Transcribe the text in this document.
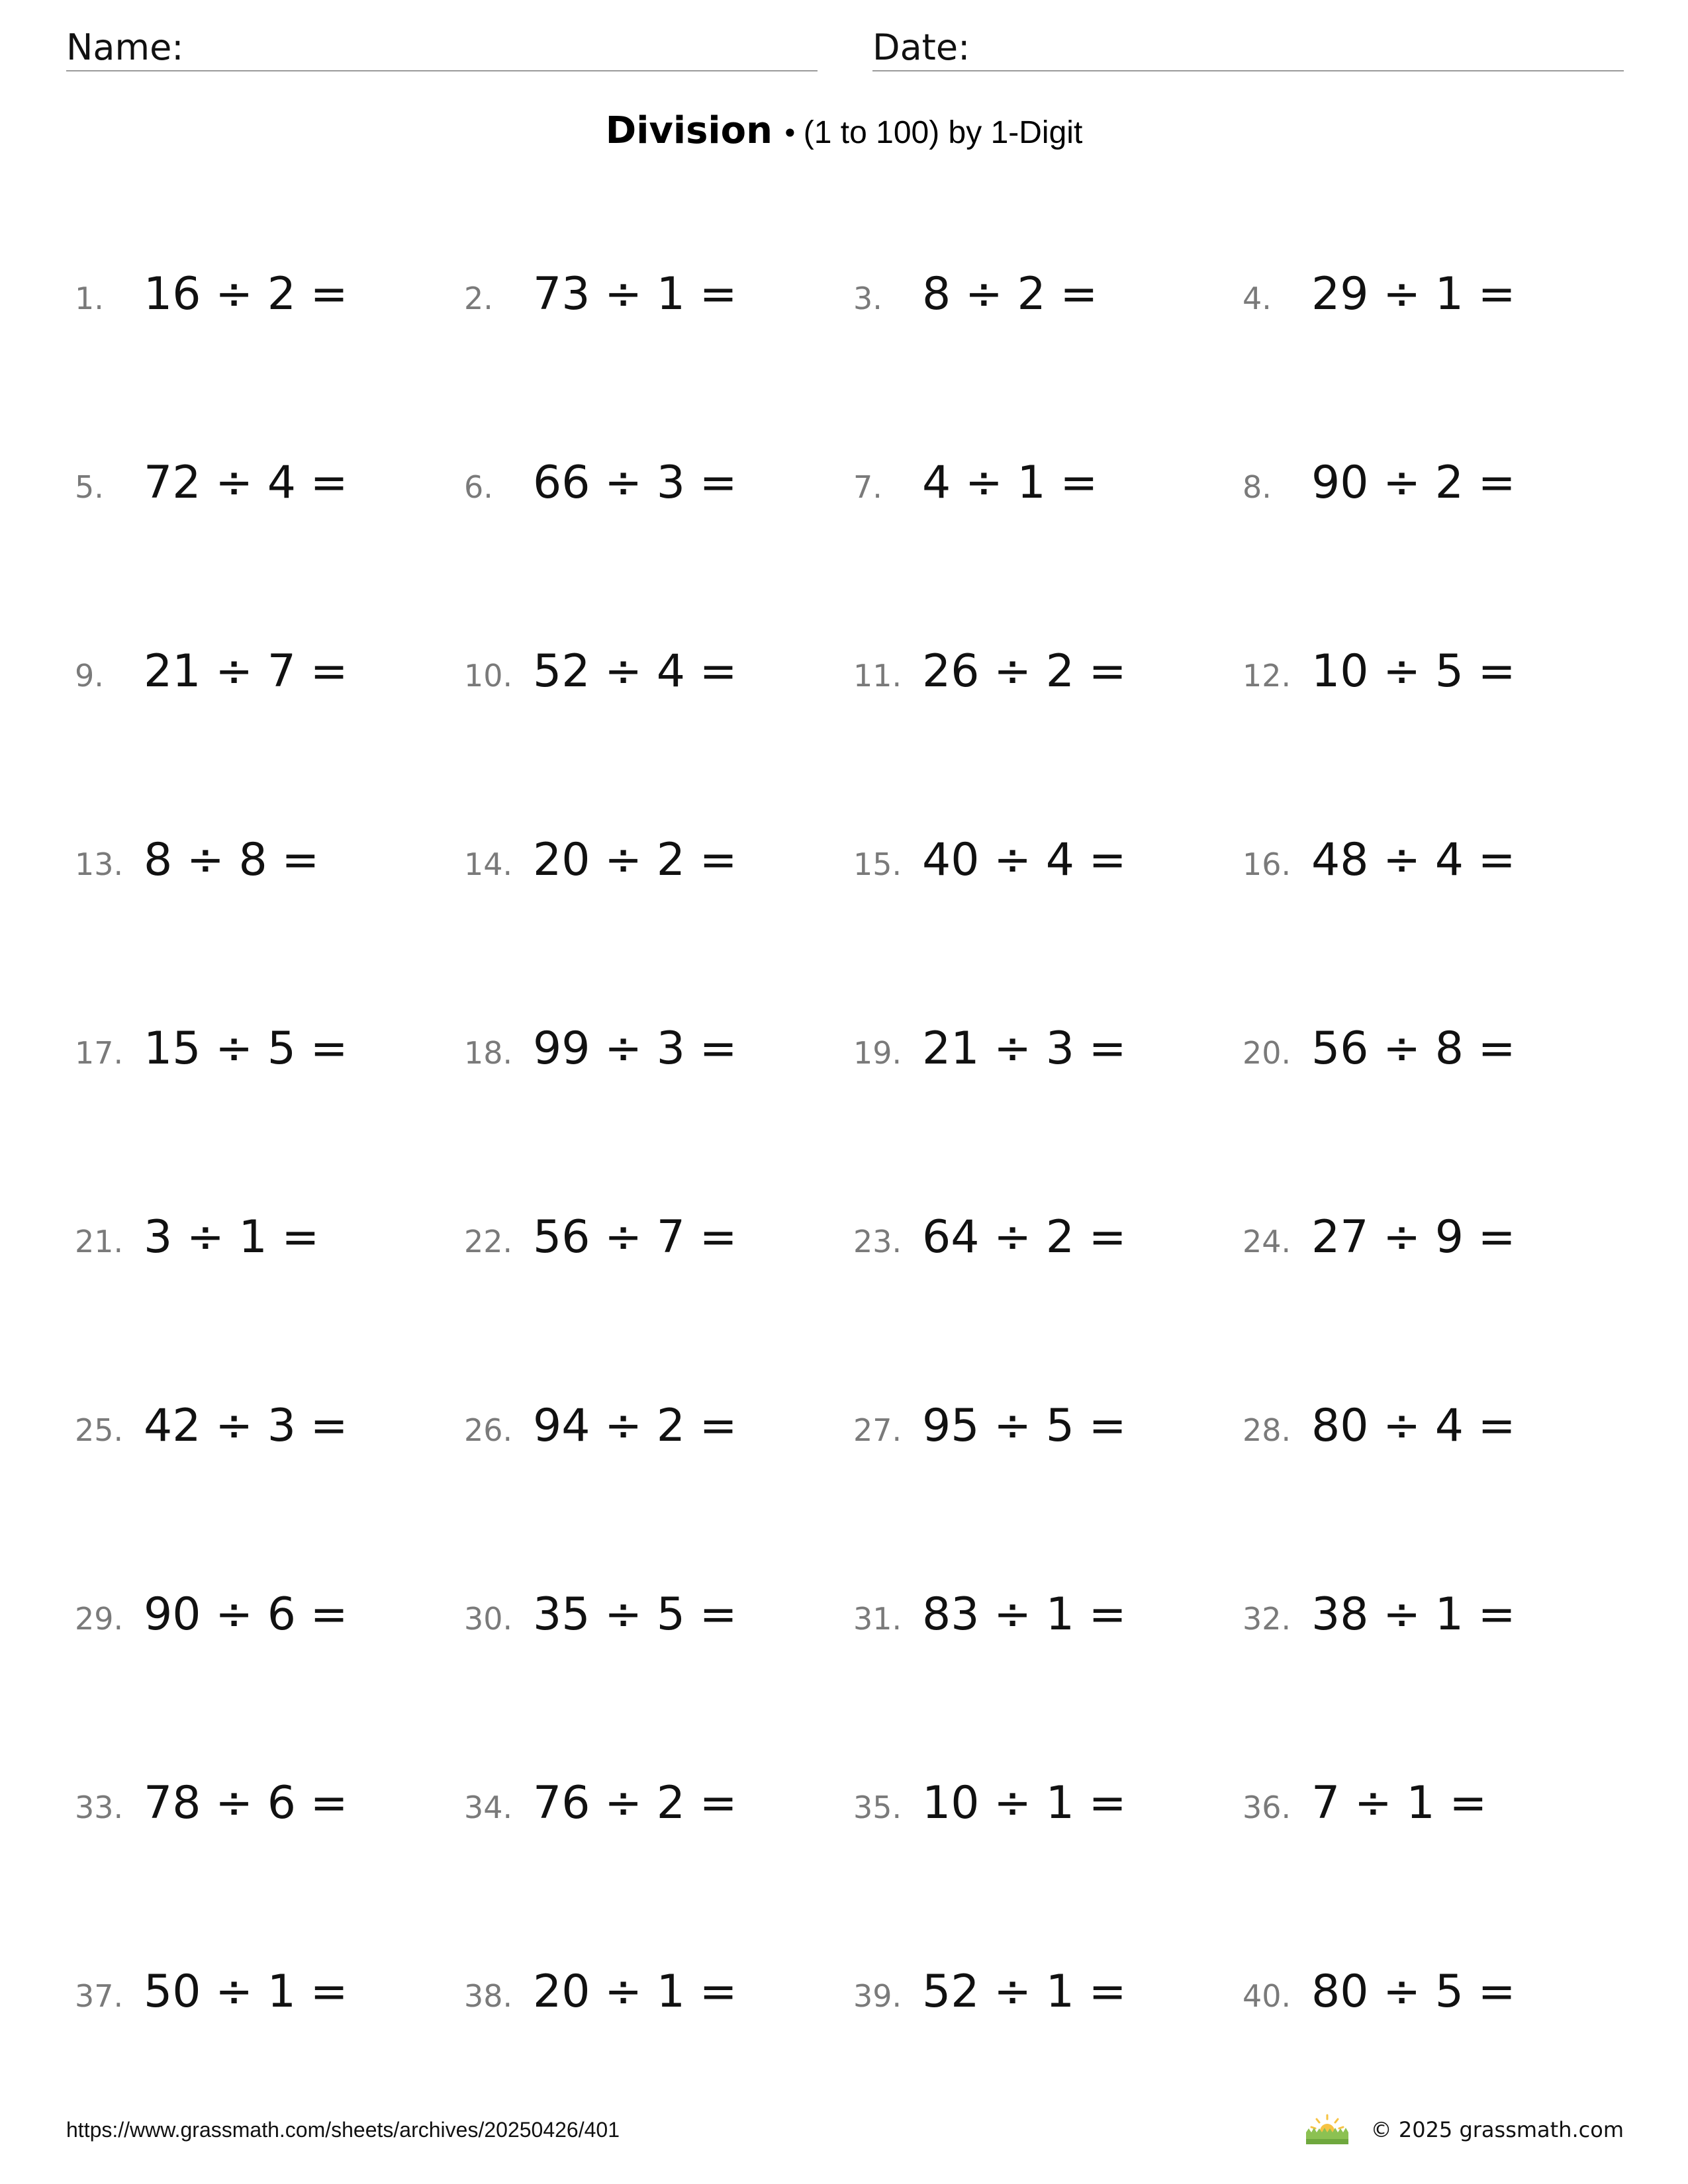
Name:	Date:
Division • (1 to 100) by 1-Digit
1. 16 ÷ 2 =	2. 73 ÷ 1 =	3. 8 ÷ 2 =	4. 29 ÷ 1 =
5. 72 ÷ 4 =	6. 66 ÷ 3 =	7. 4 ÷ 1 =	8. 90 ÷ 2 =
9. 21 ÷ 7 =	10. 52 ÷ 4 =	11. 26 ÷ 2 =	12. 10 ÷ 5 =
13. 8 ÷ 8 =	14. 20 ÷ 2 =	15. 40 ÷ 4 =	16. 48 ÷ 4 =
17. 15 ÷ 5 =	18. 99 ÷ 3 =	19. 21 ÷ 3 =	20. 56 ÷ 8 =
21. 3 ÷ 1 =	22. 56 ÷ 7 =	23. 64 ÷ 2 =	24. 27 ÷ 9 =
25. 42 ÷ 3 =	26. 94 ÷ 2 =	27. 95 ÷ 5 =	28. 80 ÷ 4 =
29. 90 ÷ 6 =	30. 35 ÷ 5 =	31. 83 ÷ 1 =	32. 38 ÷ 1 =
33. 78 ÷ 6 =	34. 76 ÷ 2 =	35. 10 ÷ 1 =	36. 7 ÷ 1 =
37. 50 ÷ 1 =	38. 20 ÷ 1 =	39. 52 ÷ 1 =	40. 80 ÷ 5 =
https://www.grassmath.com/sheets/archives/20250426/401	© 2025 grassmath.com
